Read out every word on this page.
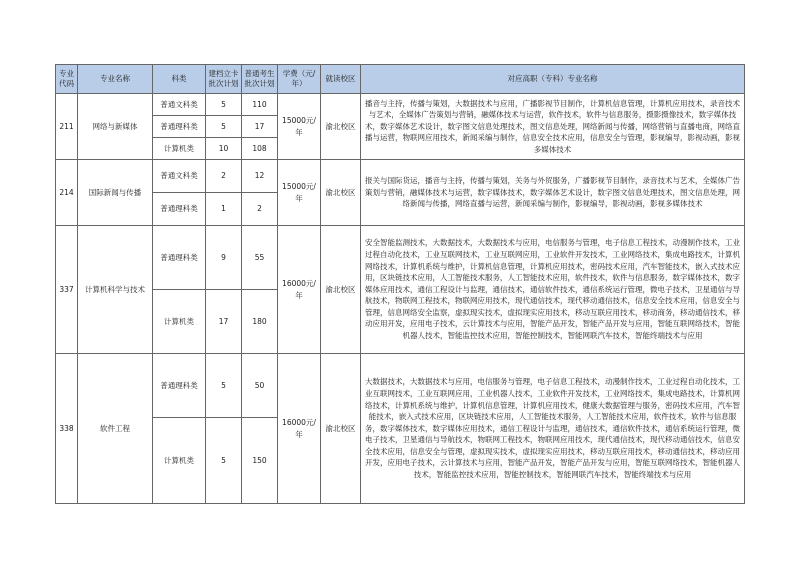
专业代码	专业名称	科类	建档立卡批次计划	普通考生批次计划	学费（元/年）	就读校区	对应高职（专科）专业名称
211	网络与新媒体	普通文科类	5	110	15000元/年	渝北校区	播音与主持，传播与策划，大数据技术与应用，广播影视节目制作，计算机信息管理，计算机应用技术，录音技术与艺术，全媒体广告策划与营销，融媒体技术与运营，软件技术，软件与信息服务，摄影摄像技术，数字媒体技术，数字媒体艺术设计，数字图文信息处理技术，图文信息处理，网络新闻与传播，网络营销与直播电商，网络直播与运营，物联网应用技术，新闻采编与制作，信息安全技术应用，信息安全与管理，影视编导，影视动画，影视多媒体技术
		普通理科类	5	17			
		计算机类	10	108			
214	国际新闻与传播	普通文科类	2	12	15000元/年	渝北校区	报关与国际货运，播音与主持，传播与策划，关务与外贸服务，广播影视节目制作，录音技术与艺术，全媒体广告策划与营销，融媒体技术与运营，数字媒体技术，数字媒体艺术设计，数字图文信息处理技术，图文信息处理，网络新闻与传播，网络直播与运营，新闻采编与制作，影视编导，影视动画，影视多媒体技术
		普通理科类	1	2			
337	计算机科学与技术	普通理科类	9	55	16000元/年	渝北校区	安全智能监测技术，大数据技术，大数据技术与应用，电信服务与管理，电子信息工程技术，动漫制作技术，工业过程自动化技术，工业互联网技术，工业互联网应用，工业软件开发技术，工业网络技术，集成电路技术，计算机网络技术，计算机系统与维护，计算机信息管理，计算机应用技术，密码技术应用，汽车智能技术，嵌入式技术应用，区块链技术应用，人工智能技术服务，人工智能技术应用，软件技术，软件与信息服务，数字媒体技术，数字媒体应用技术，通信工程设计与监理，通信技术，通信软件技术，通信系统运行管理，微电子技术，卫星通信与导航技术，物联网工程技术，物联网应用技术，现代通信技术，现代移动通信技术，信息安全技术应用，信息安全与管理，信息网络安全监察，虚拟现实技术，虚拟现实应用技术，移动互联应用技术，移动商务，移动通信技术，移动应用开发，应用电子技术，云计算技术与应用，智能产品开发，智能产品开发与应用，智能互联网络技术，智能机器人技术，智能监控技术应用，智能控制技术，智能网联汽车技术，智能终端技术与应用
		计算机类	17	180			
338	软件工程	普通理科类	5	50	16000元/年	渝北校区	大数据技术，大数据技术与应用，电信服务与管理，电子信息工程技术，动漫制作技术，工业过程自动化技术，工业互联网技术，工业互联网应用，工业机器人技术，工业软件开发技术，工业网络技术，集成电路技术，计算机网络技术，计算机系统与维护，计算机信息管理，计算机应用技术，健康大数据管理与服务，密码技术应用，汽车智能技术，嵌入式技术应用，区块链技术应用，人工智能技术服务，人工智能技术应用，软件技术，软件与信息服务，数字媒体技术，数字媒体应用技术，通信工程设计与监理，通信技术，通信软件技术，通信系统运行管理，微电子技术，卫星通信与导航技术，物联网工程技术，物联网应用技术，现代通信技术，现代移动通信技术，信息安全技术应用，信息安全与管理，虚拟现实技术，虚拟现实应用技术，移动互联应用技术，移动通信技术，移动应用开发，应用电子技术，云计算技术与应用，智能产品开发，智能产品开发与应用，智能互联网络技术，智能机器人技术，智能监控技术应用，智能控制技术，智能网联汽车技术，智能终端技术与应用
		计算机类	5	150			
